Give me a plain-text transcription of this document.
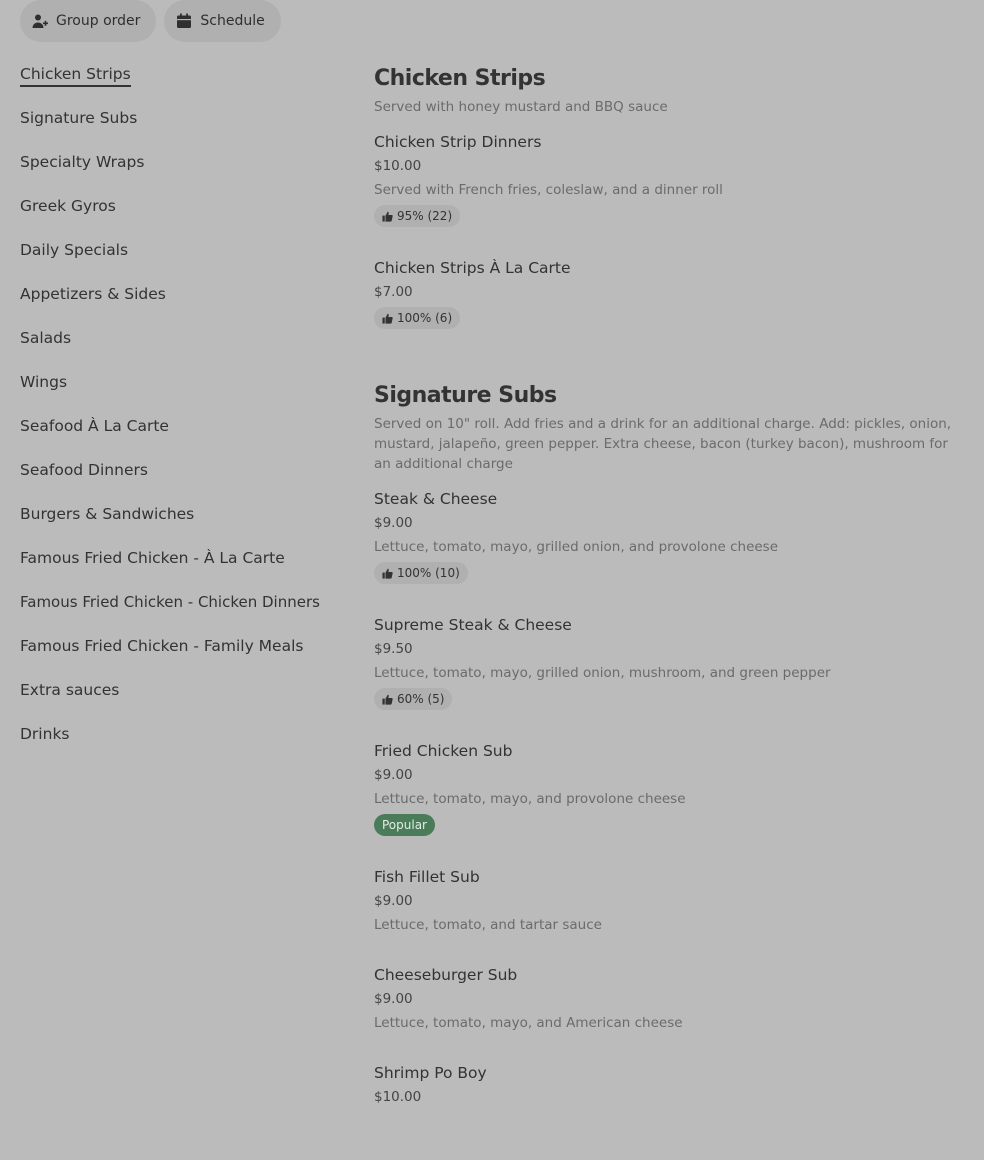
Group order	Schedule
Chicken Strips
Signature Subs
Specialty Wraps
Greek Gyros
Daily Specials
Appetizers & Sides
Salads
Wings
Seafood À La Carte
Seafood Dinners
Burgers & Sandwiches
Famous Fried Chicken - À La Carte
Famous Fried Chicken - Chicken Dinners
Famous Fried Chicken - Family Meals
Extra sauces
Drinks
Chicken Strips
Served with honey mustard and BBQ sauce
Chicken Strip Dinners
$10.00
Served with French fries, coleslaw, and a dinner roll
95% (22)
Chicken Strips À La Carte
$7.00
100% (6)
Signature Subs
Served on 10" roll. Add fries and a drink for an additional charge. Add: pickles, onion, mustard, jalapeño, green pepper. Extra cheese, bacon (turkey bacon), mushroom for an additional charge
Steak & Cheese
$9.00
Lettuce, tomato, mayo, grilled onion, and provolone cheese
100% (10)
Supreme Steak & Cheese
$9.50
Lettuce, tomato, mayo, grilled onion, mushroom, and green pepper
60% (5)
Fried Chicken Sub
$9.00
Lettuce, tomato, mayo, and provolone cheese
Popular
Fish Fillet Sub
$9.00
Lettuce, tomato, and tartar sauce
Cheeseburger Sub
$9.00
Lettuce, tomato, mayo, and American cheese
Shrimp Po Boy
$10.00
